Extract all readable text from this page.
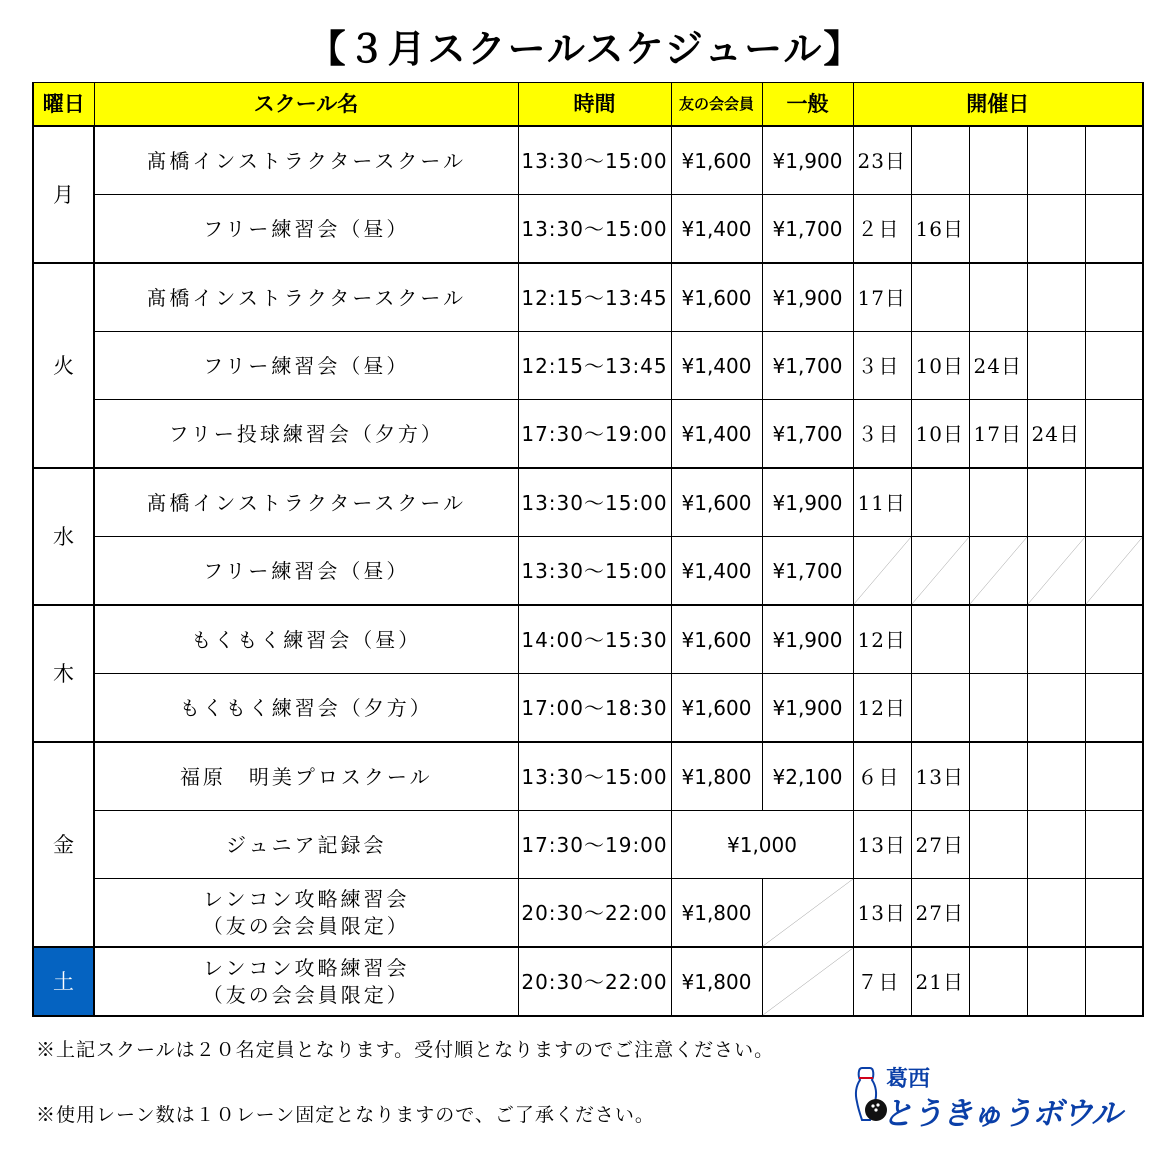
【３月スクールスケジュール】
曜日	スクール名	時間	友の会会員	一般	開催日				
月	髙橋インストラクタースクール	13:30〜15:00	¥1,600	¥1,900	23日				
	フリー練習会（昼）	13:30〜15:00	¥1,400	¥1,700	２日	16日			
火	髙橋インストラクタースクール	12:15〜13:45	¥1,600	¥1,900	17日				
	フリー練習会（昼）	12:15〜13:45	¥1,400	¥1,700	３日	10日	24日		
	フリー投球練習会（夕方）	17:30〜19:00	¥1,400	¥1,700	３日	10日	17日	24日	
水	髙橋インストラクタースクール	13:30〜15:00	¥1,600	¥1,900	11日				
	フリー練習会（昼）	13:30〜15:00	¥1,400	¥1,700	

木	もくもく練習会（昼）	14:00〜15:30	¥1,600	¥1,900	12日				
	もくもく練習会（夕方）	17:00〜18:30	¥1,600	¥1,900	12日				
金	福原　明美プロスクール	13:30〜15:00	¥1,800	¥2,100	６日	13日			
	ジュニア記録会	17:30〜19:00	¥1,000		13日	27日			
	レンコン攻略練習会
（友の会会員限定）	20:30〜22:00	¥1,800		13日	27日			
土	レンコン攻略練習会
（友の会会員限定）	20:30〜22:00	¥1,800		７日	21日			
※上記スクールは２０名定員となります。受付順となりますのでご注意ください。
※使用レーン数は１０レーン固定となりますので、ご了承ください。
葛西
とうきゅうボウル
